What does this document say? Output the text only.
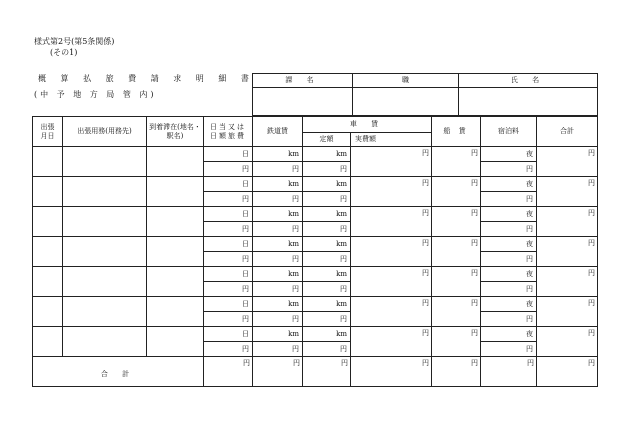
様式第2号(第5条関係)
(その1)
概 算 払 旅 費 請 求 明 細 書
(中 予 地 方 局 管 内)
課 名	職	氏 名

出張月日	出張用務(用務先)	到着滞在(地名・駅名)	日当又は日額旅費	鉄道賃	車 賃		船 賃	宿泊料	合計
					定額	実費額			
			日	km	km	円	円	夜	円
			円	円	円			円	
			日	km	km	円	円	夜	円
			円	円	円			円	
			日	km	km	円	円	夜	円
			円	円	円			円	
			日	km	km	円	円	夜	円
			円	円	円			円	
			日	km	km	円	円	夜	円
			円	円	円			円	
			日	km	km	円	円	夜	円
			円	円	円			円	
			日	km	km	円	円	夜	円
			円	円	円			円	
合 計			円	円	円	円	円	円	円
